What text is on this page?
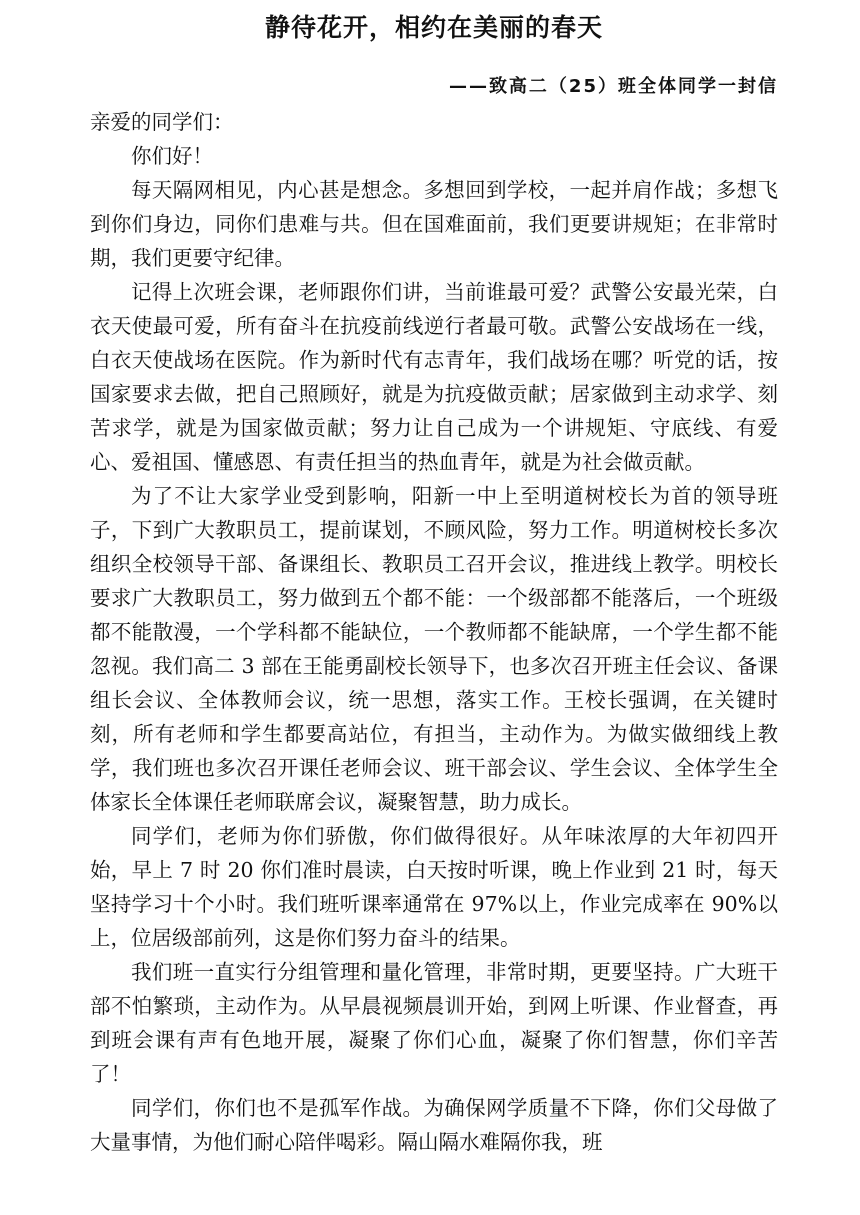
静待花开，相约在美丽的春天
——致高二（25）班全体同学一封信

亲爱的同学们：

你们好！

每天隔网相见，内心甚是想念。多想回到学校，一起并肩作战；多想飞到你们身边，同你们患难与共。但在国难面前，我们更要讲规矩；在非常时期，我们更要守纪律。

记得上次班会课，老师跟你们讲，当前谁最可爱？武警公安最光荣，白衣天使最可爱，所有奋斗在抗疫前线逆行者最可敬。武警公安战场在一线，白衣天使战场在医院。作为新时代有志青年，我们战场在哪？听党的话，按国家要求去做，把自己照顾好，就是为抗疫做贡献；居家做到主动求学、刻苦求学，就是为国家做贡献；努力让自己成为一个讲规矩、守底线、有爱心、爱祖国、懂感恩、有责任担当的热血青年，就是为社会做贡献。

为了不让大家学业受到影响，阳新一中上至明道树校长为首的领导班子，下到广大教职员工，提前谋划，不顾风险，努力工作。明道树校长多次组织全校领导干部、备课组长、教职员工召开会议，推进线上教学。明校长要求广大教职员工，努力做到五个都不能：一个级部都不能落后，一个班级都不能散漫，一个学科都不能缺位，一个教师都不能缺席，一个学生都不能忽视。我们高二 3 部在王能勇副校长领导下，也多次召开班主任会议、备课组长会议、全体教师会议，统一思想，落实工作。王校长强调，在关键时刻，所有老师和学生都要高站位，有担当，主动作为。为做实做细线上教学，我们班也多次召开课任老师会议、班干部会议、学生会议、全体学生全体家长全体课任老师联席会议，凝聚智慧，助力成长。

同学们，老师为你们骄傲，你们做得很好。从年味浓厚的大年初四开始，早上 7 时 20 你们准时晨读，白天按时听课，晚上作业到 21 时，每天坚持学习十个小时。我们班听课率通常在 97%以上，作业完成率在 90%以上，位居级部前列，这是你们努力奋斗的结果。

我们班一直实行分组管理和量化管理，非常时期，更要坚持。广大班干部不怕繁琐，主动作为。从早晨视频晨训开始，到网上听课、作业督查，再到班会课有声有色地开展，凝聚了你们心血，凝聚了你们智慧，你们辛苦了！

同学们，你们也不是孤军作战。为确保网学质量不下降，你们父母做了大量事情，为他们耐心陪伴喝彩。隔山隔水难隔你我，班
